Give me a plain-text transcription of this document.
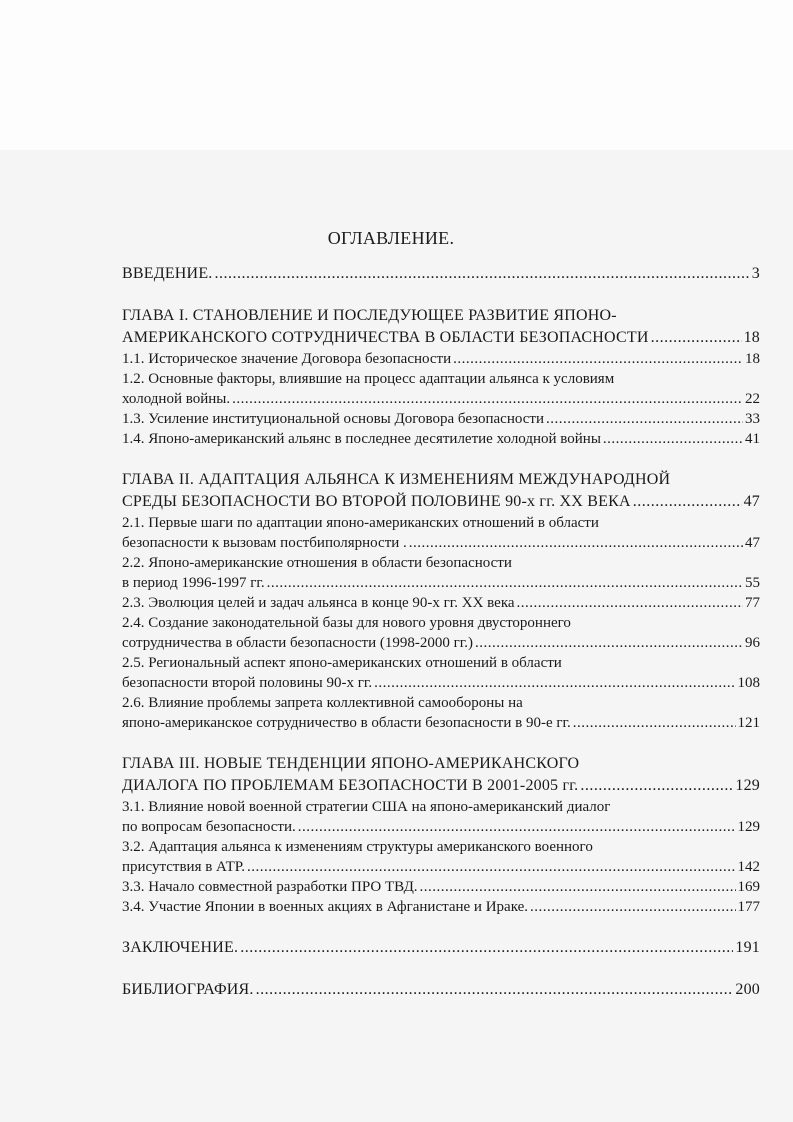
ОГЛАВЛЕНИЕ.
ВВЕДЕНИЕ. .....	3
ГЛАВА I. СТАНОВЛЕНИЕ И ПОСЛЕДУЮЩЕЕ РАЗВИТИЕ ЯПОНО-
АМЕРИКАНСКОГО СОТРУДНИЧЕСТВА В ОБЛАСТИ БЕЗОПАСНОСТИ .....	18
1.1. Историческое значение Договора безопасности .....	18
1.2. Основные факторы, влиявшие на процесс адаптации альянса к условиям
холодной войны. .....	22
1.3. Усиление институциональной основы Договора безопасности .....	33
1.4. Японо-американский альянс в последнее десятилетие холодной войны .....	41
ГЛАВА II. АДАПТАЦИЯ АЛЬЯНСА К ИЗМЕНЕНИЯМ МЕЖДУНАРОДНОЙ
СРЕДЫ БЕЗОПАСНОСТИ ВО ВТОРОЙ ПОЛОВИНЕ 90-х гг. XX ВЕКА .....	47
2.1. Первые шаги по адаптации японо-американских отношений в области
безопасности к вызовам постбиполярности . .....	47
2.2. Японо-американские отношения в области безопасности
в период 1996-1997 гг. .....	55
2.3. Эволюция целей и задач альянса в конце 90-х гг. XX века .....	77
2.4. Создание законодательной базы для нового уровня двустороннего
сотрудничества в области безопасности (1998-2000 гг.) .....	96
2.5. Региональный аспект японо-американских отношений в области
безопасности второй половины 90-х гг. .....	108
2.6. Влияние проблемы запрета коллективной самообороны на
японо-американское сотрудничество в области безопасности в 90-е гг. .....	121
ГЛАВА III. НОВЫЕ ТЕНДЕНЦИИ ЯПОНО-АМЕРИКАНСКОГО
ДИАЛОГА ПО ПРОБЛЕМАМ БЕЗОПАСНОСТИ В 2001-2005 гг. .....	129
3.1. Влияние новой военной стратегии США на японо-американский диалог
по вопросам безопасности. .....	129
3.2. Адаптация альянса к изменениям структуры американского военного
присутствия в АТР. .....	142
3.3. Начало совместной разработки ПРО ТВД. .....	169
3.4. Участие Японии в военных акциях в Афганистане и Ираке. .....	177
ЗАКЛЮЧЕНИЕ. .....	191
БИБЛИОГРАФИЯ. .....	200
